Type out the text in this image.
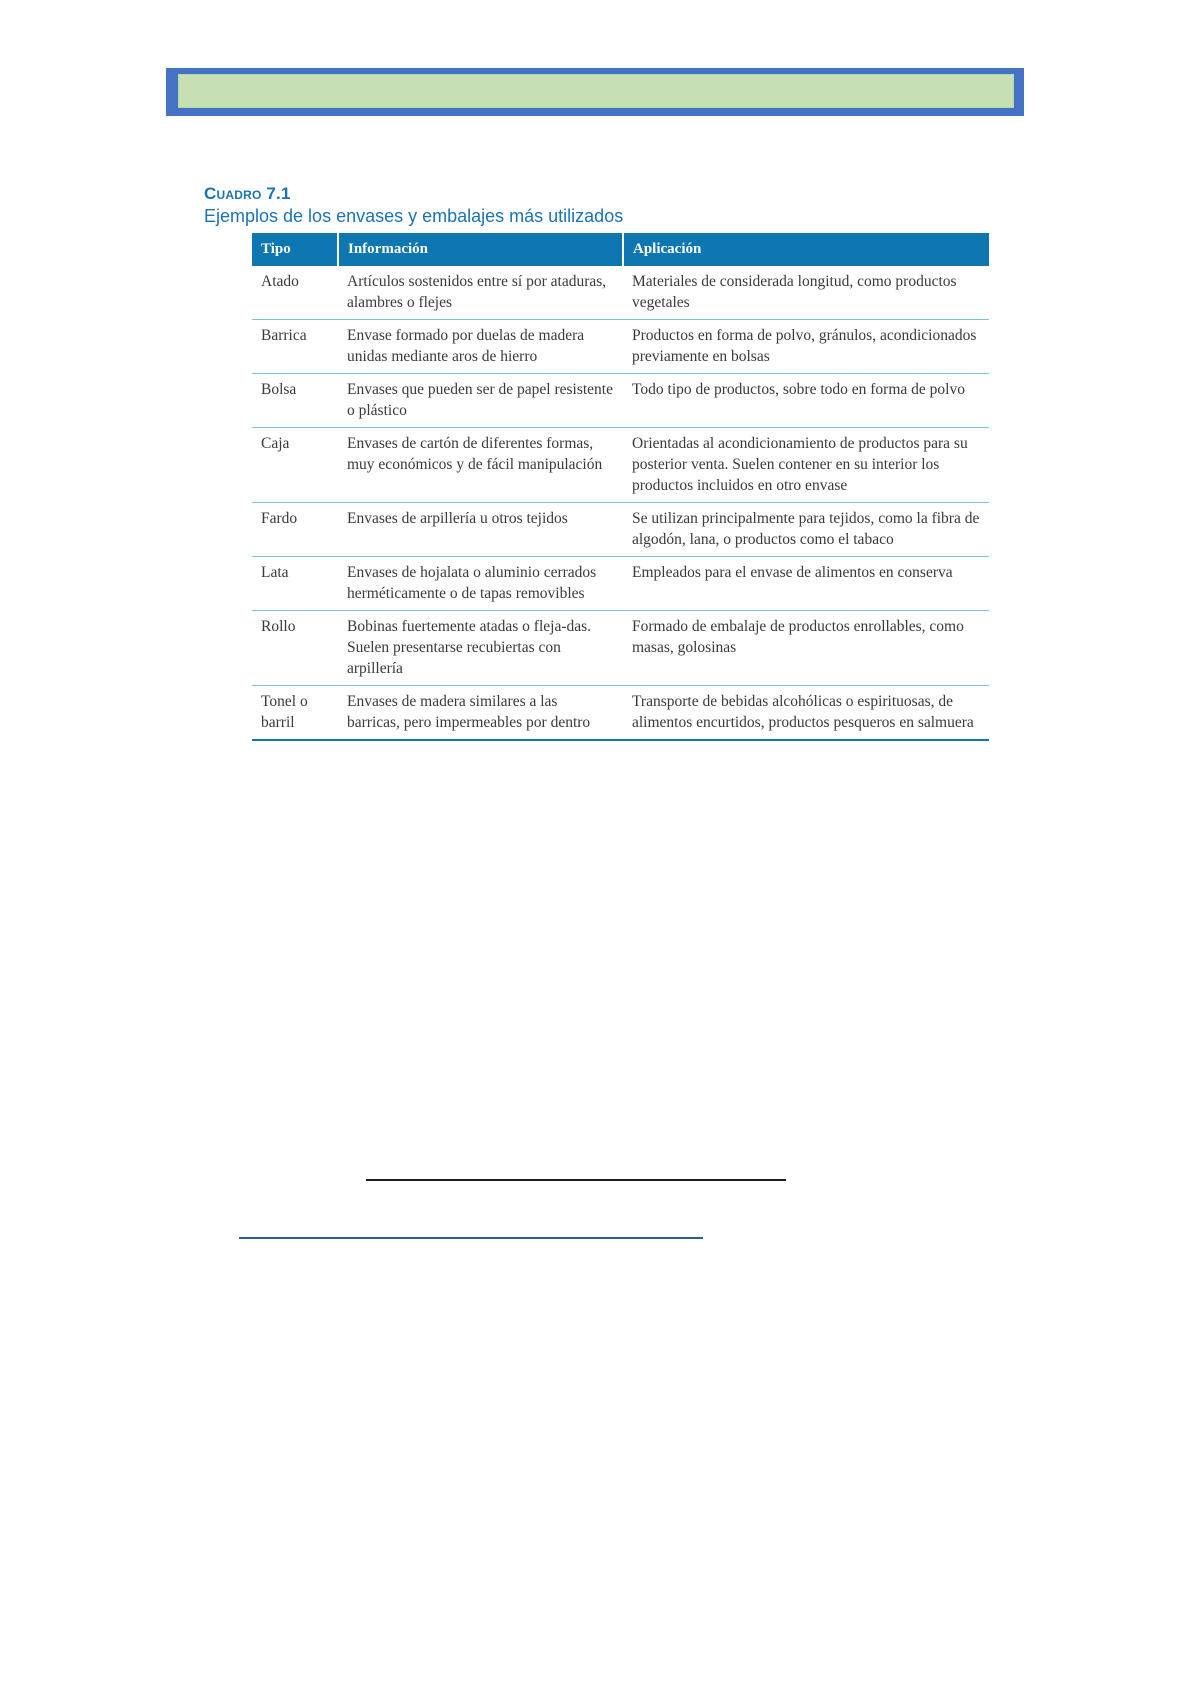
Cuadro 7.1

Ejemplos de los envases y embalajes más utilizados

Tipo	Información	Aplicación
Atado	Artículos sostenidos entre sí por ataduras, alambres o flejes	Materiales de considerada longitud, como productos vegetales
Barrica	Envase formado por duelas de madera unidas mediante aros de hierro	Productos en forma de polvo, gránulos, acondicionados previamente en bolsas
Bolsa	Envases que pueden ser de papel resistente o plástico	Todo tipo de productos, sobre todo en forma de polvo
Caja	Envases de cartón de diferentes formas, muy económicos y de fácil manipulación	Orientadas al acondicionamiento de productos para su posterior venta. Suelen contener en su interior los productos incluidos en otro envase
Fardo	Envases de arpillería u otros tejidos	Se utilizan principalmente para tejidos, como la fibra de algodón, lana, o productos como el tabaco
Lata	Envases de hojalata o aluminio cerrados herméticamente o de tapas removibles	Empleados para el envase de alimentos en conserva
Rollo	Bobinas fuertemente atadas o fleja-das. Suelen presentarse recubiertas con arpillería	Formado de embalaje de productos enrollables, como masas, golosinas
Tonel o barril	Envases de madera similares a las barricas, pero impermeables por dentro	Transporte de bebidas alcohólicas o espirituosas, de alimentos encurtidos, productos pesqueros en salmuera
